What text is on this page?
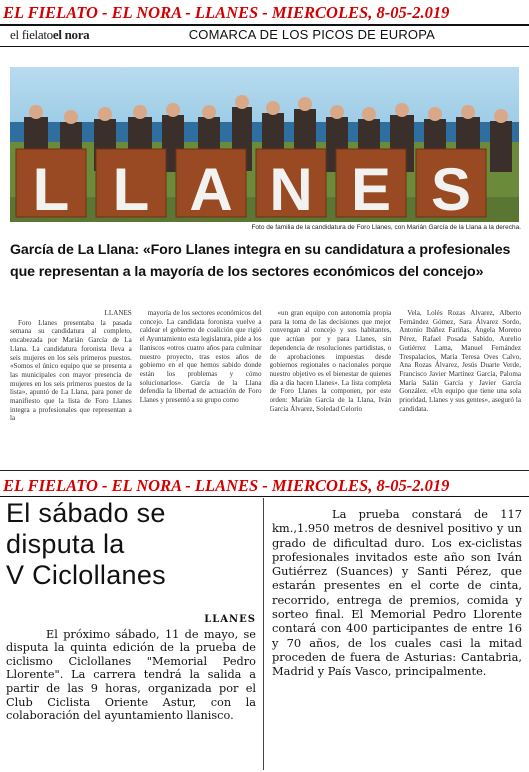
EL FIELATO - EL NORA - LLANES - MIERCOLES, 8-05-2.019
el fielatoel nora	COMARCA DE LOS PICOS DE EUROPA
L L A N E S
Foto de familia de la candidatura de Foro Llanes, con Marián García de la Llana a la derecha.
García de La Llana: «Foro Llanes integra en su candidatura a profesionales que representan a la mayoría de los sectores económicos del concejo»

LLANES

Foro Llanes presentaba la pasada semana su candidatura al completo, encabezada por Marián García de La Llana. La candidatura foronista lleva a seis mujeres en los seis primeros puestos. «Somos el único equipo que se presenta a las municipales con mayor presencia de mujeres en los seis primeros puestos de la lista», apuntó de La Llana, para poner de manifiesto que la lista de Foro Llanes integra a profesionales que representan a la

mayoría de los sectores económicos del concejo. La candidata foronista vuelve a caldear el gobierno de coalición que rigió el Ayuntamiento esta legislatura, pide a los llaniscos «otros cuatro años para culminar nuestro proyecto, tras estos años de gobierno en el que hemos sabido donde están los problemas y cómo solucionarlos». García de la Llana defendía la libertad de actuación de Foro Llanes y presentó a su grupo como

«un gran equipo con autonomía propia para la toma de las decisiones que mejor convengan al concejo y sus habitantes, que actúan por y para Llanes, sin dependencia de resoluciones partidistas, o de aprobaciones impuestas desde gobiernos regionales o nacionales porque nuestro objetivo es el bienestar de quienes día a día hacen Llanes». La lista completa de Foro Llanes la componen, por este orden: Marián García de la Llana, Iván García Álvarez, Soledad Celorio

Vela, Lolés Rozas Álvarez, Alberto Fernández Gómez, Sara Álvarez Sordo, Antonio Ibáñez Fariñas, Ángela Moreno Pérez, Rafael Posada Sabido, Aurelio Gutiérrez Lama, Manuel Fernández Trespalacios, María Teresa Oves Calvo, Ana Rozas Álvarez, Jesús Duarte Verde, Francisco Javier Martínez García, Paloma María Salán García y Javier García González. «Un equipo que tiene una sola prioridad, Llanes y sus gentes», aseguró la candidata.

EL FIELATO - EL NORA - LLANES - MIERCOLES, 8-05-2.019
El sábado se
disputa la
V Ciclollanes

LLANES

El próximo sábado, 11 de mayo, se disputa la quinta edición de la prueba de ciclismo Ciclollanes "Memorial Pedro Llorente". La carrera tendrá la salida a partir de las 9 horas, organizada por el Club Ciclista Oriente Astur, con la colaboración del ayuntamiento llanisco.

La prueba constará de 117 km.,1.950 metros de desnivel positivo y un grado de dificultad duro. Los ex-ciclistas profesionales invitados este año son Iván Gutiérrez (Suances) y Santi Pérez, que estarán presentes en el corte de cinta, recorrido, entrega de premios, comida y sorteo final. El Memorial Pedro Llorente contará con 400 participantes de entre 16 y 70 años, de los cuales casi la mitad proceden de fuera de Asturias: Cantabria, Madrid y País Vasco, principalmente.
